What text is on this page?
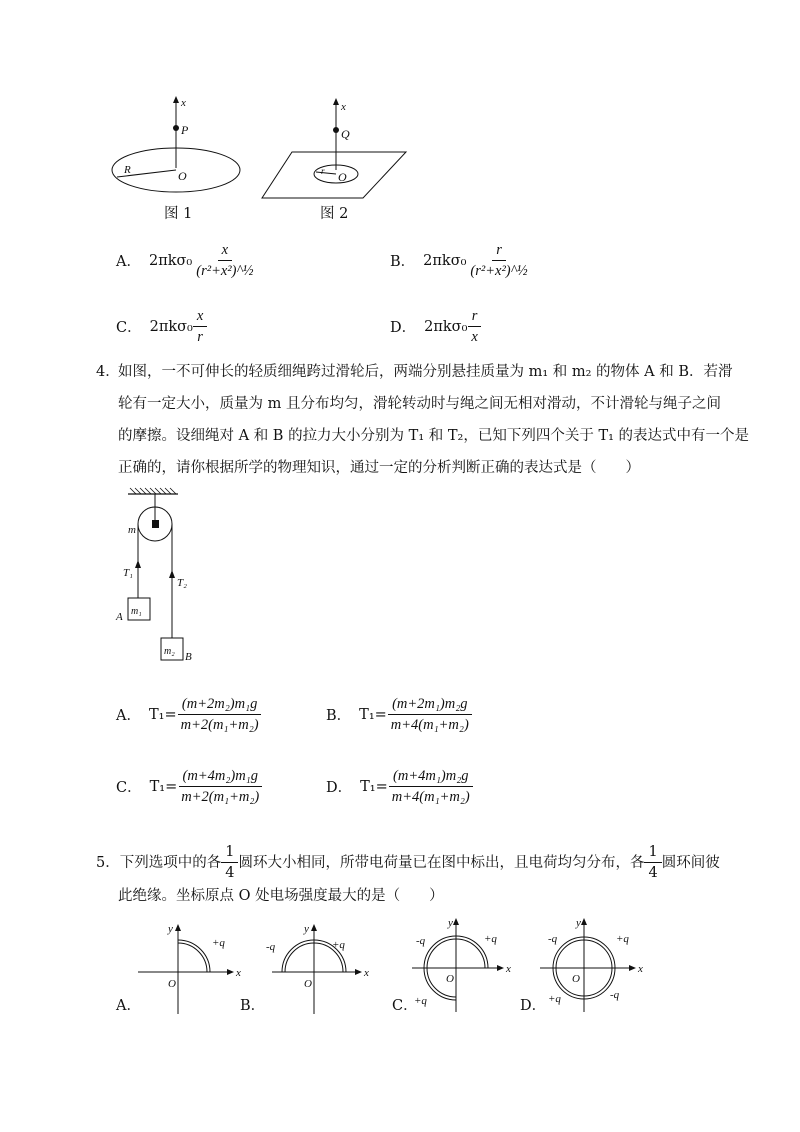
x
P
R	O
x
Q
r O
图 1	图 2
A． $2\pi k\sigma_0 \frac{x}{\text{(r²+x²)\textasciicircum{}½}}$	B． $2\pi k\sigma_0 \frac{r}{\text{(r²+x²)\textasciicircum{}½}}$
C． $2\pi k\sigma_0 \frac{x}{r}$	D． $2\pi k\sigma_0 \frac{r}{x}$
4．
如图，一不可伸长的轻质细绳跨过滑轮后，两端分别悬挂质量为 m₁ 和 m₂ 的物体 A 和 B．若滑
轮有一定大小，质量为 m 且分布均匀，滑轮转动时与绳之间无相对滑动，不计滑轮与绳子之间
的摩擦。设细绳对 A 和 B 的拉力大小分别为 T₁ 和 T₂，已知下列四个关于 T₁ 的表达式中有一个是
正确的，请你根据所学的物理知识，通过一定的分析判断正确的表达式是（　　）
m
T₁
T₂
m₁
A
m₂ B
A． $T_1= \frac{\text{(m+2m₂)m₁g}}{\text{m+2(m₁+m₂)}}$	B． $T_1= \frac{\text{(m+2m₁)m₂g}}{\text{m+4(m₁+m₂)}}$
C． $T_1= \frac{\text{(m+4m₂)m₁g}}{\text{m+2(m₁+m₂)}}$	D． $T_1= \frac{\text{(m+4m₁)m₂g}}{\text{m+4(m₁+m₂)}}$
5． 下列选项中的各 $\frac{1}{4}$ 圆环大小相同，所带电荷量已在图中标出，且电荷均匀分布，各 $\frac{1}{4}$ 圆环间彼
此绝缘。坐标原点 O 处电场强度最大的是（　　）
x
y
O
+q
x
y
O
-q	+q
x
y
O
-q	+q
+q
x
y
O
-q	+q
+q	-q
A．	B．	C．	D．
